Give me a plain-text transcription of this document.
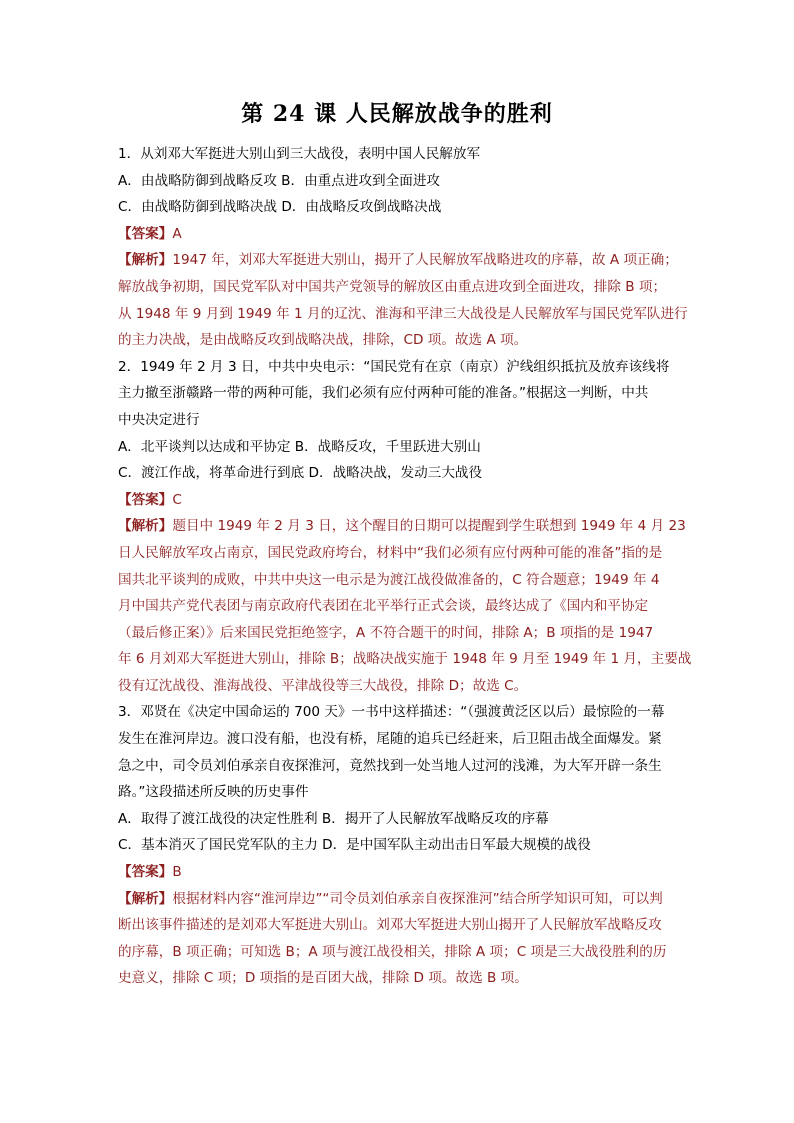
第 24 课 人民解放战争的胜利
1．从刘邓大军挺进大别山到三大战役，表明中国人民解放军
A．由战略防御到战略反攻 B．由重点进攻到全面进攻
C．由战略防御到战略决战 D．由战略反攻倒战略决战
【答案】A
【解析】1947 年，刘邓大军挺进大别山，揭开了人民解放军战略进攻的序幕，故 A 项正确；
解放战争初期，国民党军队对中国共产党领导的解放区由重点进攻到全面进攻，排除 B 项；
从 1948 年 9 月到 1949 年 1 月的辽沈、淮海和平津三大战役是人民解放军与国民党军队进行
的主力决战，是由战略反攻到战略决战，排除，CD 项。故选 A 项。
2．1949 年 2 月 3 日，中共中央电示：“国民党有在京（南京）沪线组织抵抗及放弃该线将
主力撤至浙赣路一带的两种可能，我们必须有应付两种可能的准备。”根据这一判断，中共
中央决定进行
A．北平谈判以达成和平协定 B．战略反攻，千里跃进大别山
C．渡江作战，将革命进行到底 D．战略决战，发动三大战役
【答案】C
【解析】题目中 1949 年 2 月 3 日，这个醒目的日期可以提醒到学生联想到 1949 年 4 月 23
日人民解放军攻占南京，国民党政府垮台，材料中“我们必须有应付两种可能的准备”指的是
国共北平谈判的成败，中共中央这一电示是为渡江战役做准备的，C 符合题意；1949 年 4
月中国共产党代表团与南京政府代表团在北平举行正式会谈，最终达成了《国内和平协定
（最后修正案）》后来国民党拒绝签字，A 不符合题干的时间，排除 A；B 项指的是 1947
年 6 月刘邓大军挺进大别山，排除 B；战略决战实施于 1948 年 9 月至 1949 年 1 月，主要战
役有辽沈战役、淮海战役、平津战役等三大战役，排除 D；故选 C。
3．邓贤在《决定中国命运的 700 天》一书中这样描述：“（强渡黄泛区以后）最惊险的一幕
发生在淮河岸边。渡口没有船，也没有桥，尾随的追兵已经赶来，后卫阻击战全面爆发。紧
急之中，司令员刘伯承亲自夜探淮河，竟然找到一处当地人过河的浅滩，为大军开辟一条生
路。”这段描述所反映的历史事件
A．取得了渡江战役的决定性胜利 B．揭开了人民解放军战略反攻的序幕
C．基本消灭了国民党军队的主力 D．是中国军队主动出击日军最大规模的战役
【答案】B
【解析】根据材料内容“淮河岸边”“司令员刘伯承亲自夜探淮河”结合所学知识可知，可以判
断出该事件描述的是刘邓大军挺进大别山。刘邓大军挺进大别山揭开了人民解放军战略反攻
的序幕，B 项正确；可知选 B；A 项与渡江战役相关，排除 A 项；C 项是三大战役胜利的历
史意义，排除 C 项；D 项指的是百团大战，排除 D 项。故选 B 项。
